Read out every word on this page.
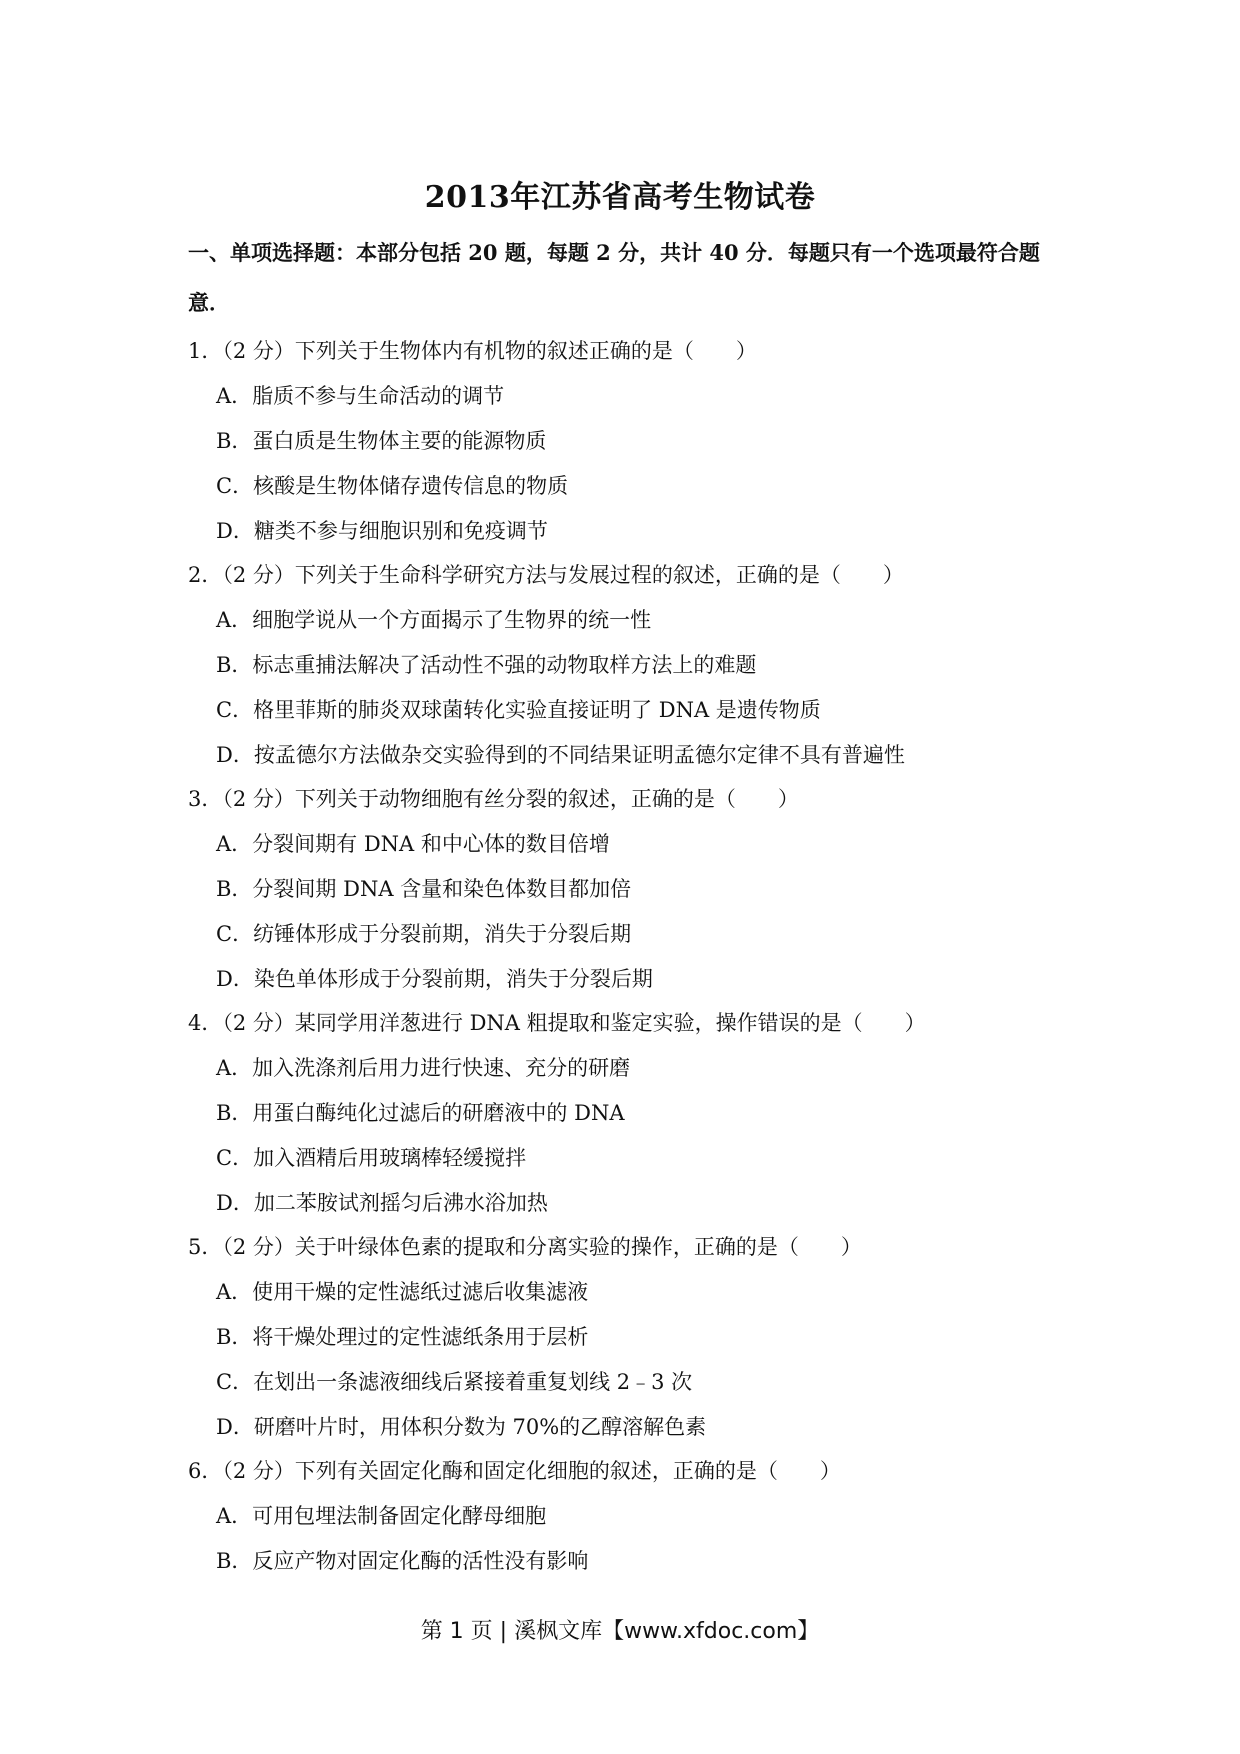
2013年江苏省高考生物试卷
一、单项选择题：本部分包括 20 题，每题 2 分，共计 40 分．每题只有一个选项最符合题
意．
1．（2 分）下列关于生物体内有机物的叙述正确的是（　　）
A．脂质不参与生命活动的调节
B．蛋白质是生物体主要的能源物质
C．核酸是生物体储存遗传信息的物质
D．糖类不参与细胞识别和免疫调节
2．（2 分）下列关于生命科学研究方法与发展过程的叙述，正确的是（　　）
A．细胞学说从一个方面揭示了生物界的统一性
B．标志重捕法解决了活动性不强的动物取样方法上的难题
C．格里菲斯的肺炎双球菌转化实验直接证明了 DNA 是遗传物质
D．按孟德尔方法做杂交实验得到的不同结果证明孟德尔定律不具有普遍性
3．（2 分）下列关于动物细胞有丝分裂的叙述，正确的是（　　）
A．分裂间期有 DNA 和中心体的数目倍增
B．分裂间期 DNA 含量和染色体数目都加倍
C．纺锤体形成于分裂前期，消失于分裂后期
D．染色单体形成于分裂前期，消失于分裂后期
4．（2 分）某同学用洋葱进行 DNA 粗提取和鉴定实验，操作错误的是（　　）
A．加入洗涤剂后用力进行快速、充分的研磨
B．用蛋白酶纯化过滤后的研磨液中的 DNA
C．加入酒精后用玻璃棒轻缓搅拌
D．加二苯胺试剂摇匀后沸水浴加热
5．（2 分）关于叶绿体色素的提取和分离实验的操作，正确的是（　　）
A．使用干燥的定性滤纸过滤后收集滤液
B．将干燥处理过的定性滤纸条用于层析
C．在划出一条滤液细线后紧接着重复划线 2﹣3 次
D．研磨叶片时，用体积分数为 70%的乙醇溶解色素
6．（2 分）下列有关固定化酶和固定化细胞的叙述，正确的是（　　）
A．可用包埋法制备固定化酵母细胞
B．反应产物对固定化酶的活性没有影响
第 1 页 | 溪枫文库【www.xfdoc.com】
